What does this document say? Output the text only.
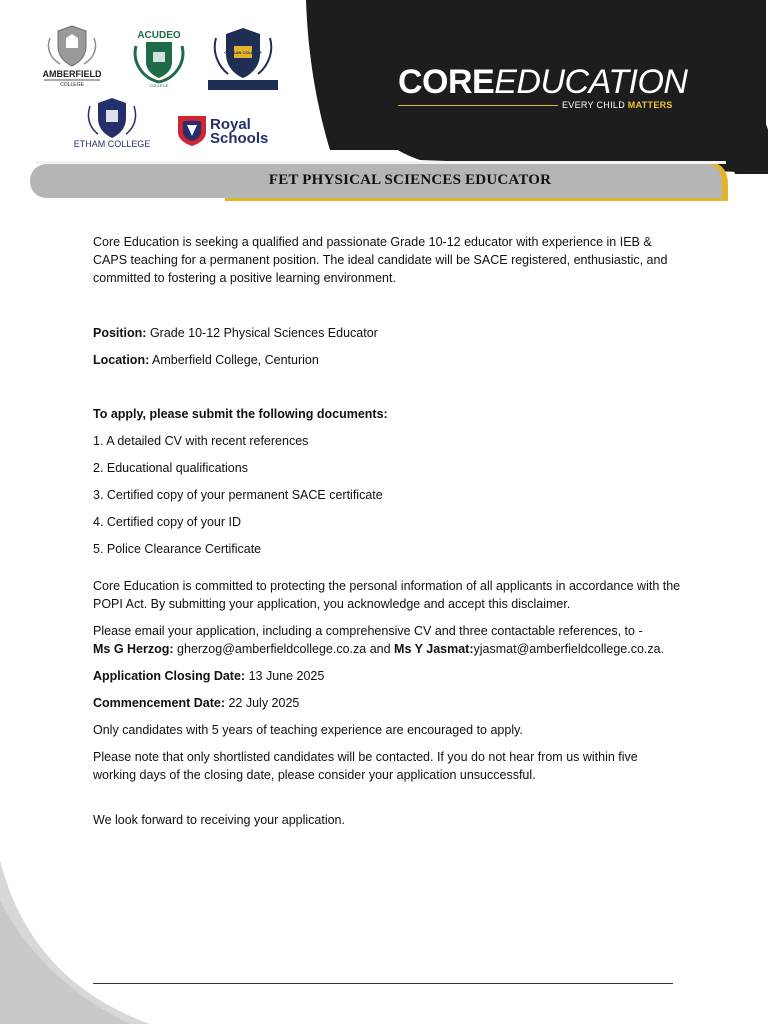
AMBERFIELD
COLLEGE
ACUDEO
COLLEGE
CANAAN COLLEGE
ETHAM COLLEGE
Royal
Schools
COREEDUCATION
EVERY CHILD MATTERS
FET PHYSICAL SCIENCES EDUCATOR

Core Education is seeking a qualified and passionate Grade 10-12 educator with experience in IEB & CAPS teaching for a permanent position. The ideal candidate will be SACE registered, enthusiastic, and committed to fostering a positive learning environment.

Position: Grade 10-12 Physical Sciences Educator

Location: Amberfield College, Centurion

To apply, please submit the following documents:

1. A detailed CV with recent references

2. Educational qualifications

3. Certified copy of your permanent SACE certificate

4. Certified copy of your ID

5. Police Clearance Certificate

Core Education is committed to protecting the personal information of all applicants in accordance with the POPI Act. By submitting your application, you acknowledge and accept this disclaimer.

Please email your application, including a comprehensive CV and three contactable references, to -
Ms G Herzog: gherzog@amberfieldcollege.co.za and Ms Y Jasmat:yjasmat@amberfieldcollege.co.za.

Application Closing Date: 13 June 2025

Commencement Date: 22 July 2025

Only candidates with 5 years of teaching experience are encouraged to apply.

Please note that only shortlisted candidates will be contacted. If you do not hear from us within five working days of the closing date, please consider your application unsuccessful.

We look forward to receiving your application.
